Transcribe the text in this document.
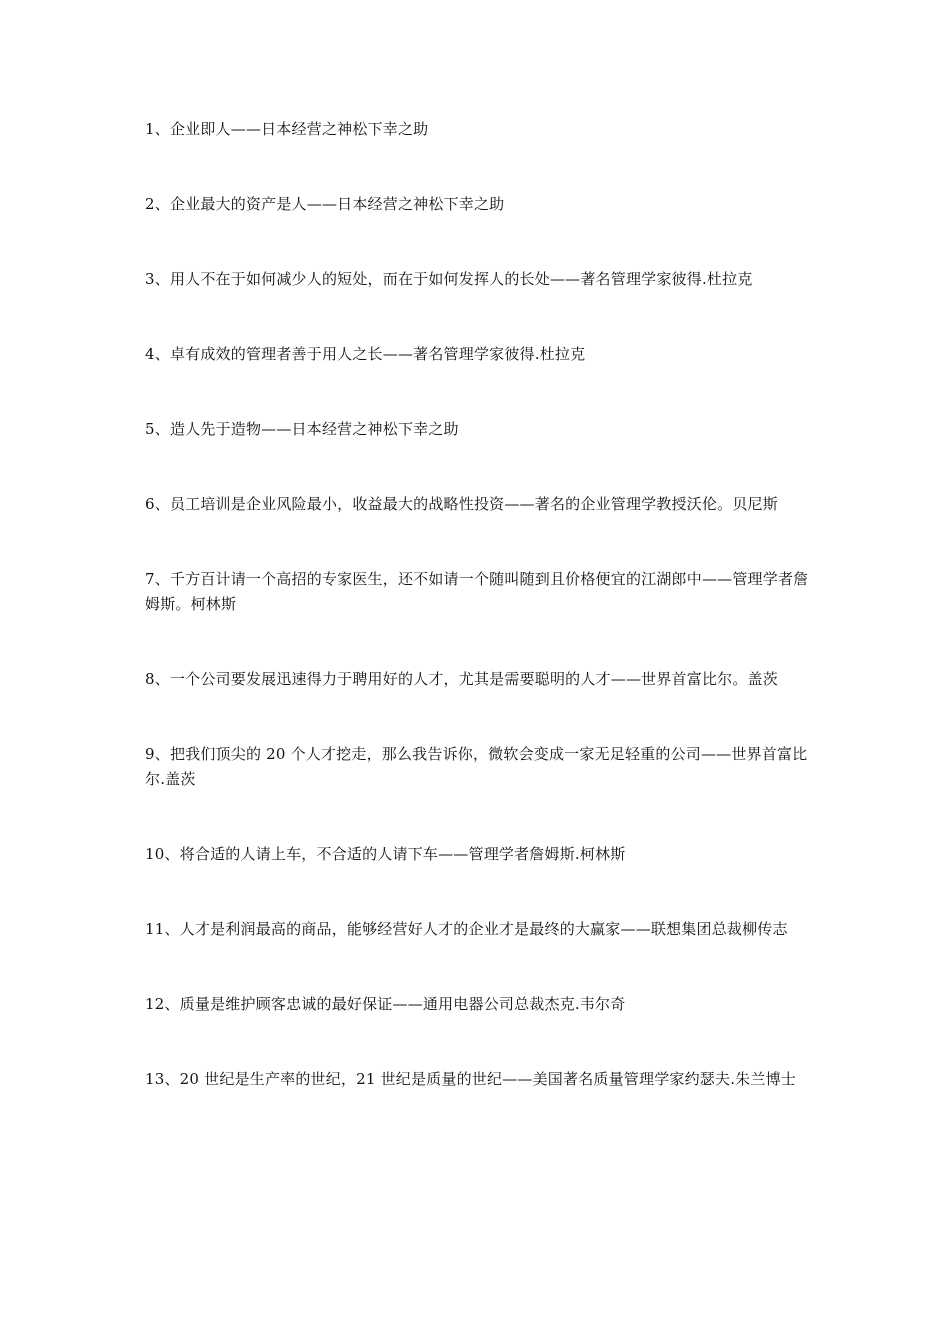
1、企业即人——日本经营之神松下幸之助

2、企业最大的资产是人——日本经营之神松下幸之助

3、用人不在于如何减少人的短处，而在于如何发挥人的长处——著名管理学家彼得.杜拉克

4、卓有成效的管理者善于用人之长——著名管理学家彼得.杜拉克

5、造人先于造物——日本经营之神松下幸之助

6、员工培训是企业风险最小，收益最大的战略性投资——著名的企业管理学教授沃伦。贝尼斯

7、千方百计请一个高招的专家医生，还不如请一个随叫随到且价格便宜的江湖郎中——管理学者詹姆斯。柯林斯

8、一个公司要发展迅速得力于聘用好的人才，尤其是需要聪明的人才——世界首富比尔。盖茨

9、把我们顶尖的 20 个人才挖走，那么我告诉你，微软会变成一家无足轻重的公司——世界首富比尔.盖茨

10、将合适的人请上车，不合适的人请下车——管理学者詹姆斯.柯林斯

11、人才是利润最高的商品，能够经营好人才的企业才是最终的大赢家——联想集团总裁柳传志

12、质量是维护顾客忠诚的最好保证——通用电器公司总裁杰克.韦尔奇

13、20 世纪是生产率的世纪，21 世纪是质量的世纪——美国著名质量管理学家约瑟夫.朱兰博士
